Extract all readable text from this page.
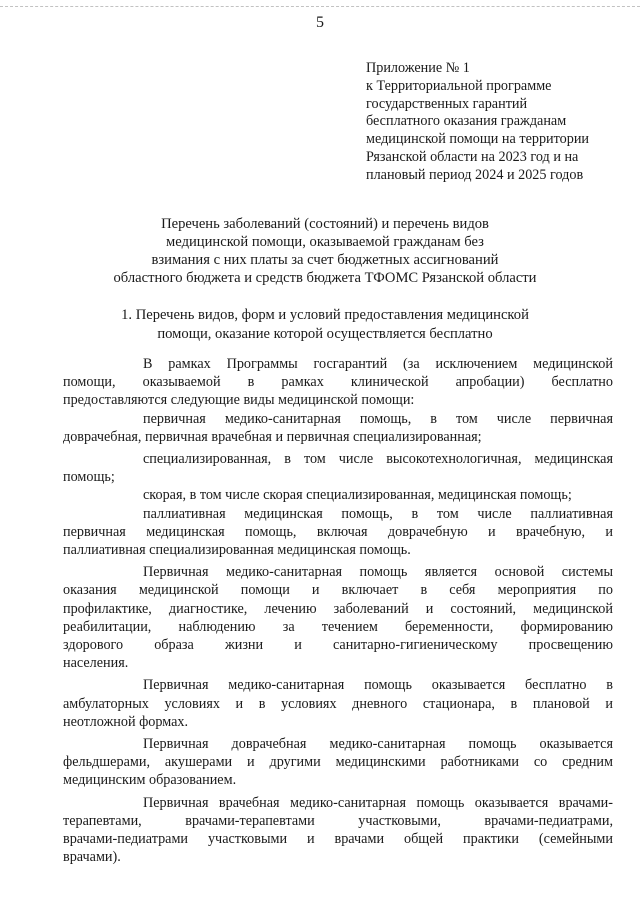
5
Приложение № 1
к Территориальной программе
государственных гарантий
бесплатного оказания гражданам
медицинской помощи на территории
Рязанской области на 2023 год и на
плановый период 2024 и 2025 годов
Перечень заболеваний (состояний) и перечень видов
медицинской помощи, оказываемой гражданам без
взимания с них платы за счет бюджетных ассигнований
областного бюджета и средств бюджета ТФОМС Рязанской области
1. Перечень видов, форм и условий предоставления медицинской
помощи, оказание которой осуществляется бесплатно
В рамках Программы госгарантий (за исключением медицинской
помощи, оказываемой в рамках клинической апробации) бесплатно
предоставляются следующие виды медицинской помощи:
первичная медико-санитарная помощь, в том числе первичная
доврачебная, первичная врачебная и первичная специализированная;
специализированная, в том числе высокотехнологичная, медицинская
помощь;
скорая, в том числе скорая специализированная, медицинская помощь;
паллиативная медицинская помощь, в том числе паллиативная
первичная медицинская помощь, включая доврачебную и врачебную, и
паллиативная специализированная медицинская помощь.
Первичная медико-санитарная помощь является основой системы
оказания медицинской помощи и включает в себя мероприятия по
профилактике, диагностике, лечению заболеваний и состояний, медицинской
реабилитации, наблюдению за течением беременности, формированию
здорового образа жизни и санитарно-гигиеническому просвещению
населения.
Первичная медико-санитарная помощь оказывается бесплатно в
амбулаторных условиях и в условиях дневного стационара, в плановой и
неотложной формах.
Первичная доврачебная медико-санитарная помощь оказывается
фельдшерами, акушерами и другими медицинскими работниками со средним
медицинским образованием.
Первичная врачебная медико-санитарная помощь оказывается врачами-
терапевтами, врачами-терапевтами участковыми, врачами-педиатрами,
врачами-педиатрами участковыми и врачами общей практики (семейными
врачами).
